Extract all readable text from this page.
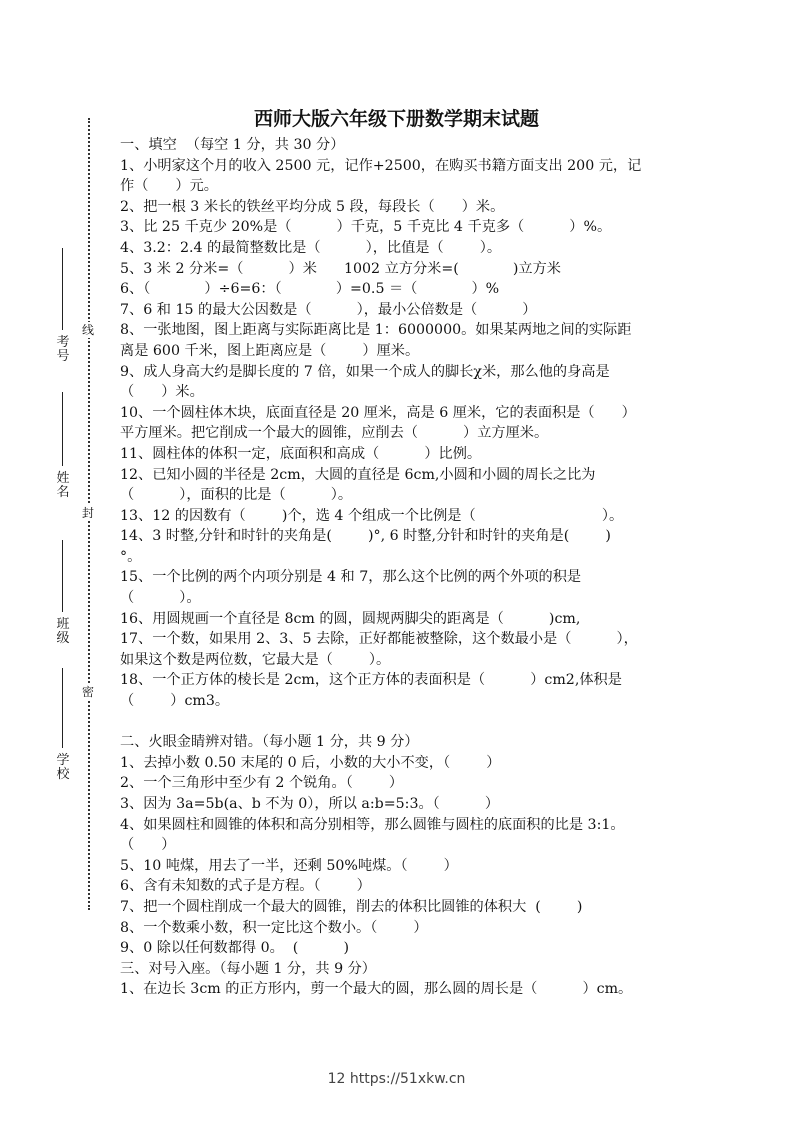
线
封
密
考号
姓名
班级
学校
西师大版六年级下册数学期末试题
一、填空  （每空 1 分，共 30 分）
1、小明家这个月的收入 2500 元，记作+2500，在购买书籍方面支出 200 元，记
作（      ）元。
2、把一根 3 米长的铁丝平均分成 5 段，每段长（      ）米。
3、比 25 千克少 20%是（          ）千克，5 千克比 4 千克多（          ）%。
4、3.2：2.4 的最简整数比是（          ），比值是（        ）。
5、3 米 2 分米=（          ）米      1002 立方分米=(            )立方米
6、（            ）÷6=6：（            ）=0.5 ＝（            ）%
7、6 和 15 的最大公因数是（          ），最小公倍数是（          ）
8、一张地图，图上距离与实际距离比是 1：6000000。如果某两地之间的实际距
离是 600 千米，图上距离应是（        ）厘米。
9、成人身高大约是脚长度的 7 倍，如果一个成人的脚长χ米，那么他的身高是
（      ）米。
10、一个圆柱体木块，底面直径是 20 厘米，高是 6 厘米，它的表面积是（      ）
平方厘米。把它削成一个最大的圆锥，应削去（          ）立方厘米。
11、圆柱体的体积一定，底面积和高成（          ）比例。
12、已知小圆的半径是 2cm，大圆的直径是 6cm,小圆和小圆的周长之比为
（          ），面积的比是（          ）。
13、12 的因数有（        )个，选 4 个组成一个比例是（                            ）。
14、3 时整,分针和时针的夹角是(        )°, 6 时整,分针和时针的夹角是(        )
°。
15、一个比例的两个内项分别是 4 和 7，那么这个比例的两个外项的积是
（          ）。
16、用圆规画一个直径是 8cm 的圆，圆规两脚尖的距离是（          )cm,
17、一个数，如果用 2、3、5 去除，正好都能被整除，这个数最小是（          ），
如果这个数是两位数，它最大是（        ）。
18、一个正方体的棱长是 2cm，这个正方体的表面积是（          ）cm2,体积是
（        ）cm3。
二、火眼金睛辨对错。（每小题 1 分，共 9 分）
1、去掉小数 0.50 末尾的 0 后，小数的大小不变，（        ）
2、一个三角形中至少有 2 个锐角。（        ）
3、因为 3a=5b(a、b 不为 0），所以 a:b=5:3。（          ）
4、如果圆柱和圆锥的体积和高分别相等，那么圆锥与圆柱的底面积的比是 3:1。
（      ）
5、10 吨煤，用去了一半，还剩 50%吨煤。（        ）
6、含有未知数的式子是方程。（        ）
7、把一个圆柱削成一个最大的圆锥，削去的体积比圆锥的体积大  (        )
8、一个数乘小数，积一定比这个数小。（        ）
9、0 除以任何数都得 0。  (          )
三、对号入座。（每小题 1 分，共 9 分）
1、在边长 3cm 的正方形内，剪一个最大的圆，那么圆的周长是（          ）cm。
12 https://51xkw.cn
